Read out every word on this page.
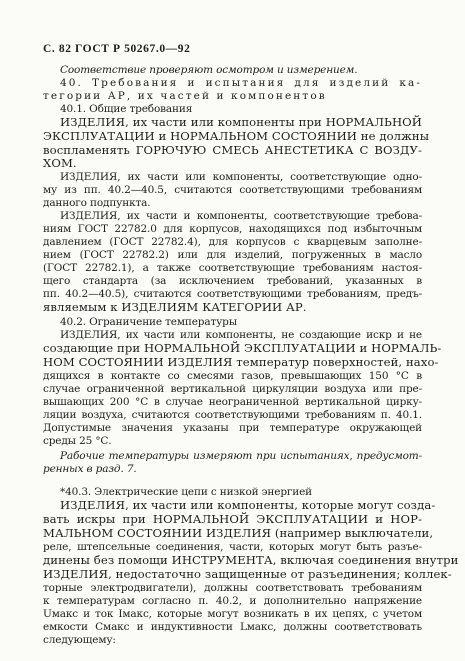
С. 82 ГОСТ Р 50267.0—92
Соответствие проверяют осмотром и измерением.
40. Требования и испытания для изделий ка-
тегории АР, их частей и компонентов
40.1. Общие требования
ИЗДЕЛИЯ, их части или компоненты при НОРМАЛЬНОЙ
ЭКСПЛУАТАЦИИ и НОРМАЛЬНОМ СОСТОЯНИИ не должны
воспламенять ГОРЮЧУЮ СМЕСЬ АНЕСТЕТИКА С ВОЗДУ-
ХОМ.
ИЗДЕЛИЯ, их части или компоненты, соответствующие одно-
му из пп. 40.2—40.5, считаются соответствующими требованиям
данного подпункта.
ИЗДЕЛИЯ, их части и компоненты, соответствующие требова-
ниям ГОСТ 22782.0 для корпусов, находящихся под избыточным
давлением (ГОСТ 22782.4), для корпусов с кварцевым заполне-
нием (ГОСТ 22782.2) или для изделий, погруженных в масло
(ГОСТ 22782.1), а также соответствующие требованиям настоя-
щего стандарта (за исключением требований, указанных в
пп. 40.2—40.5), считаются соответствующими требованиям, предъ-
являемым к ИЗДЕЛИЯМ КАТЕГОРИИ АР.
40.2. Ограничение температуры
ИЗДЕЛИЯ, их части или компоненты, не создающие искр и не
создающие при НОРМАЛЬНОЙ ЭКСПЛУАТАЦИИ и НОРМАЛЬ-
НОМ СОСТОЯНИИ ИЗДЕЛИЯ температур поверхностей, нахо-
дящихся в контакте со смесями газов, превышающих 150 °С в
случае ограниченной вертикальной циркуляции воздуха или пре-
вышающих 200 °С в случае неограниченной вертикальной цирку-
ляции воздуха, считаются соответствующими требованиям п. 40.1.
Допустимые значения указаны при температуре окружающей
среды 25 °С.
Рабочие температуры измеряют при испытаниях, предусмот-
ренных в разд. 7.
*40.3. Электрические цепи с низкой энергией
ИЗДЕЛИЯ, их части или компоненты, которые могут созда-
вать искры при НОРМАЛЬНОЙ ЭКСПЛУАТАЦИИ и НОР-
МАЛЬНОМ СОСТОЯНИИ ИЗДЕЛИЯ (например выключатели,
реле, штепсельные соединения, части, которых могут быть разъе-
динены без помощи ИНСТРУМЕНТА, включая соединения внутри
ИЗДЕЛИЯ, недостаточно защищенные от разъединения; коллек-
торные электродвигатели), должны соответствовать требованиям
к температурам согласно п. 40.2, и дополнительно напряжение
Uмакс и ток Iмакс, которые могут возникать в их цепях, с учетом
емкости Смакс и индуктивности Lмакс, должны соответствовать
следующему:
